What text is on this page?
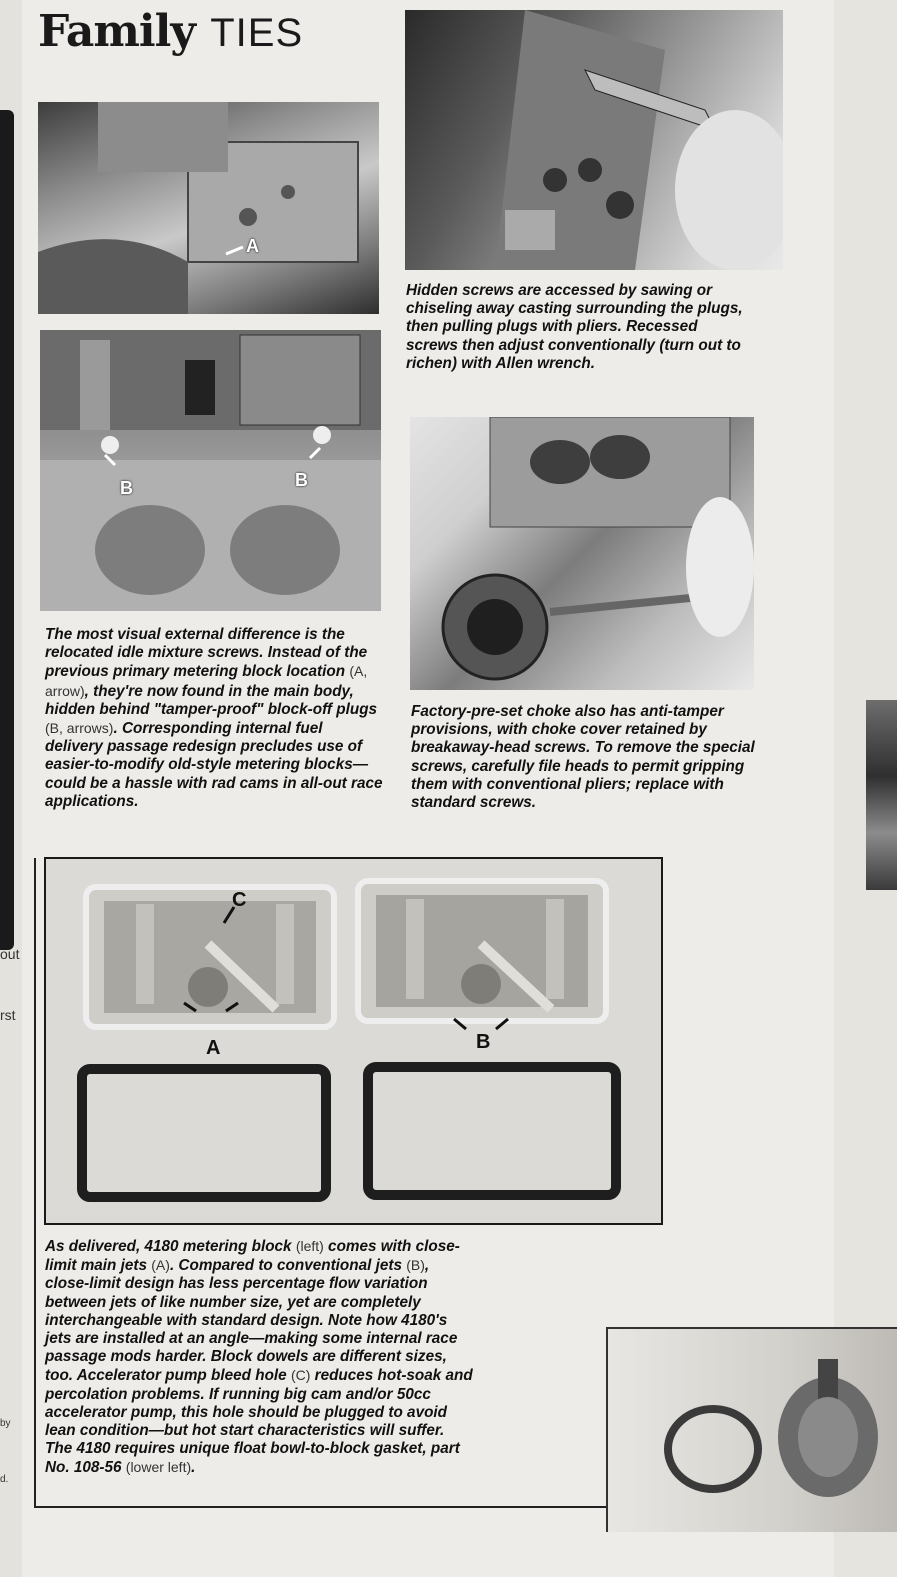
out
rst
by
d.
Family TIES
A

Hidden screws are accessed by sawing or chiseling away casting surrounding the plugs, then pulling plugs with pliers. Recessed screws then adjust conventionally (turn out to richen) with Allen wrench.

B	B

The most visual external difference is the relocated idle mixture screws. Instead of the previous primary metering block location (A, arrow), they're now found in the main body, hidden behind "tamper-proof" block-off plugs (B, arrows). Corresponding internal fuel delivery passage redesign precludes use of easier-to-modify old-style metering blocks—could be a hassle with rad cams in all-out race applications.

Factory-pre-set choke also has anti-tamper provisions, with choke cover retained by breakaway-head screws. To remove the special screws, carefully file heads to permit gripping them with conventional pliers; replace with standard screws.

C
A	B

As delivered, 4180 metering block (left) comes with close-limit main jets (A). Compared to conventional jets (B), close-limit design has less percentage flow variation between jets of like number size, yet are completely interchangeable with standard design. Note how 4180's jets are installed at an angle—making some internal race passage mods harder. Block dowels are different sizes, too. Accelerator pump bleed hole (C) reduces hot-soak and percolation problems. If running big cam and/or 50cc accelerator pump, this hole should be plugged to avoid lean condition—but hot start characteristics will suffer. The 4180 requires unique float bowl-to-block gasket, part No. 108-56 (lower left).
